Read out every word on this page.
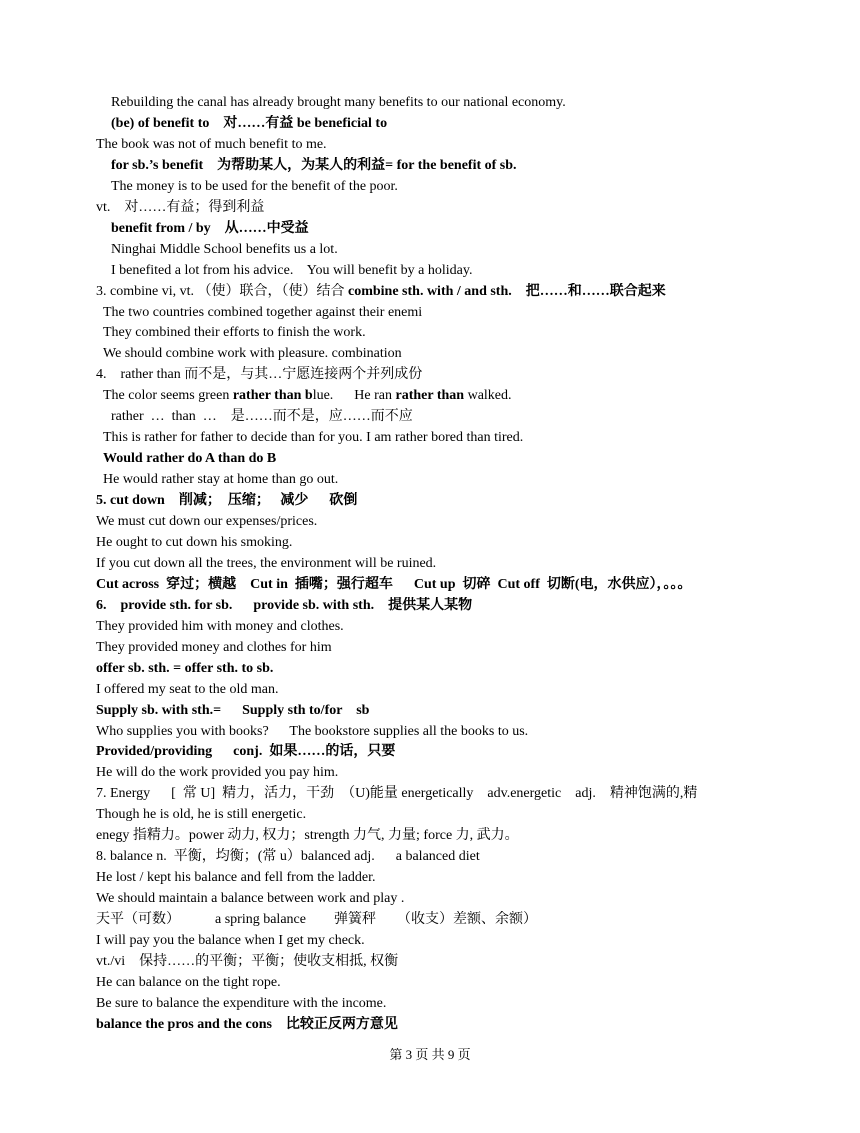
Rebuilding the canal has already brought many benefits to our national economy.
(be) of benefit to    对……有益 be beneficial to
The book was not of much benefit to me.
for sb.’s benefit    为帮助某人，为某人的利益= for the benefit of sb.
The money is to be used for the benefit of the poor.
vt.    对……有益；得到利益
benefit from / by    从……中受益
Ninghai Middle School benefits us a lot.
I benefited a lot from his advice.    You will benefit by a holiday.
3. combine vi, vt. （使）联合，（使）结合 combine sth. with / and sth.    把……和……联合起来
The two countries combined together against their enemi
They combined their efforts to finish the work.
We should combine work with pleasure. combination
4.    rather than 而不是，与其…宁愿连接两个并列成份
The color seems green rather than blue.      He ran rather than walked.
rather  …  than  …    是……而不是，应……而不应
This is rather for father to decide than for you. I am rather bored than tired.
Would rather do A than do B
He would rather stay at home than go out.
5. cut down    削减；  压缩；   减少      砍倒
We must cut down our expenses/prices.
He ought to cut down his smoking.
If you cut down all the trees, the environment will be ruined.
Cut across  穿过；横越    Cut in  插嘴；强行超车      Cut up  切碎  Cut off  切断(电，水供应），。。。
6.    provide sth. for sb.      provide sb. with sth.    提供某人某物
They provided him with money and clothes.
They provided money and clothes for him
offer sb. sth. = offer sth. to sb.
I offered my seat to the old man.
Supply sb. with sth.=      Supply sth to/for    sb
Who supplies you with books?      The bookstore supplies all the books to us.
Provided/providing      conj.  如果……的话，只要
He will do the work provided you pay him.
7. Energy      [  常 U]  精力，活力，干劲  （U)能量 energetically    adv.energetic    adj.    精神饱满的,精
Though he is old, he is still energetic.
enegy 指精力。power 动力, 权力；strength 力气, 力量; force 力, 武力。
8. balance n.  平衡，均衡；(常 u）balanced adj.      a balanced diet
He lost / kept his balance and fell from the ladder.
We should maintain a balance between work and play .
天平（可数）          a spring balance        弹簧秤      （收支）差额、余额）
I will pay you the balance when I get my check.
vt./vi    保持……的平衡；平衡；使收支相抵, 权衡
He can balance on the tight rope.
Be sure to balance the expenditure with the income.
balance the pros and the cons    比较正反两方意见
第 3 页 共 9 页
